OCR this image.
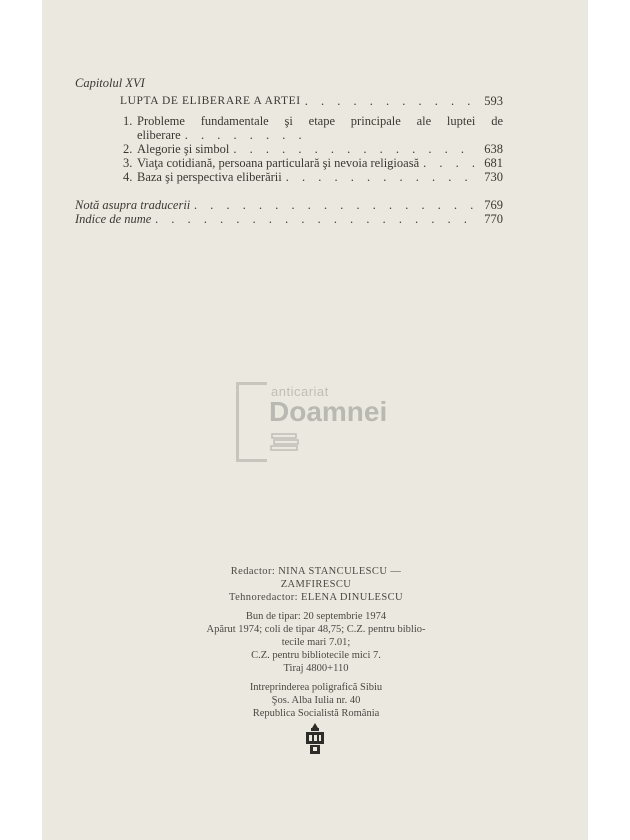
Capitolul XVI
LUPTA DE ELIBERARE A ARTEI . . .	593
1. Probleme fundamentale şi etape principale ale luptei de
eliberare
. . .
2. Alegorie şi simbol . . .	638
3. Viaţa cotidiană, persoana particulară şi nevoia religioasă . . .	681
4. Baza şi perspectiva eliberării . . .	730
Notă asupra traducerii . . .	769
Indice de nume . . .	770
anticariat
Doamnei
Redactor: NINA STANCULESCU — ZAMFIRESCU
Tehnoredactor: ELENA DINULESCU
Bun de tipar: 20 septembrie 1974
Apărut 1974; coli de tipar 48,75; C.Z. pentru biblio-
tecile mari 7.01;
C.Z. pentru bibliotecile mici 7.
Tiraj 4800+110
Intreprinderea poligrafică Sibiu
Şos. Alba Iulia nr. 40
Republica Socialistă România
